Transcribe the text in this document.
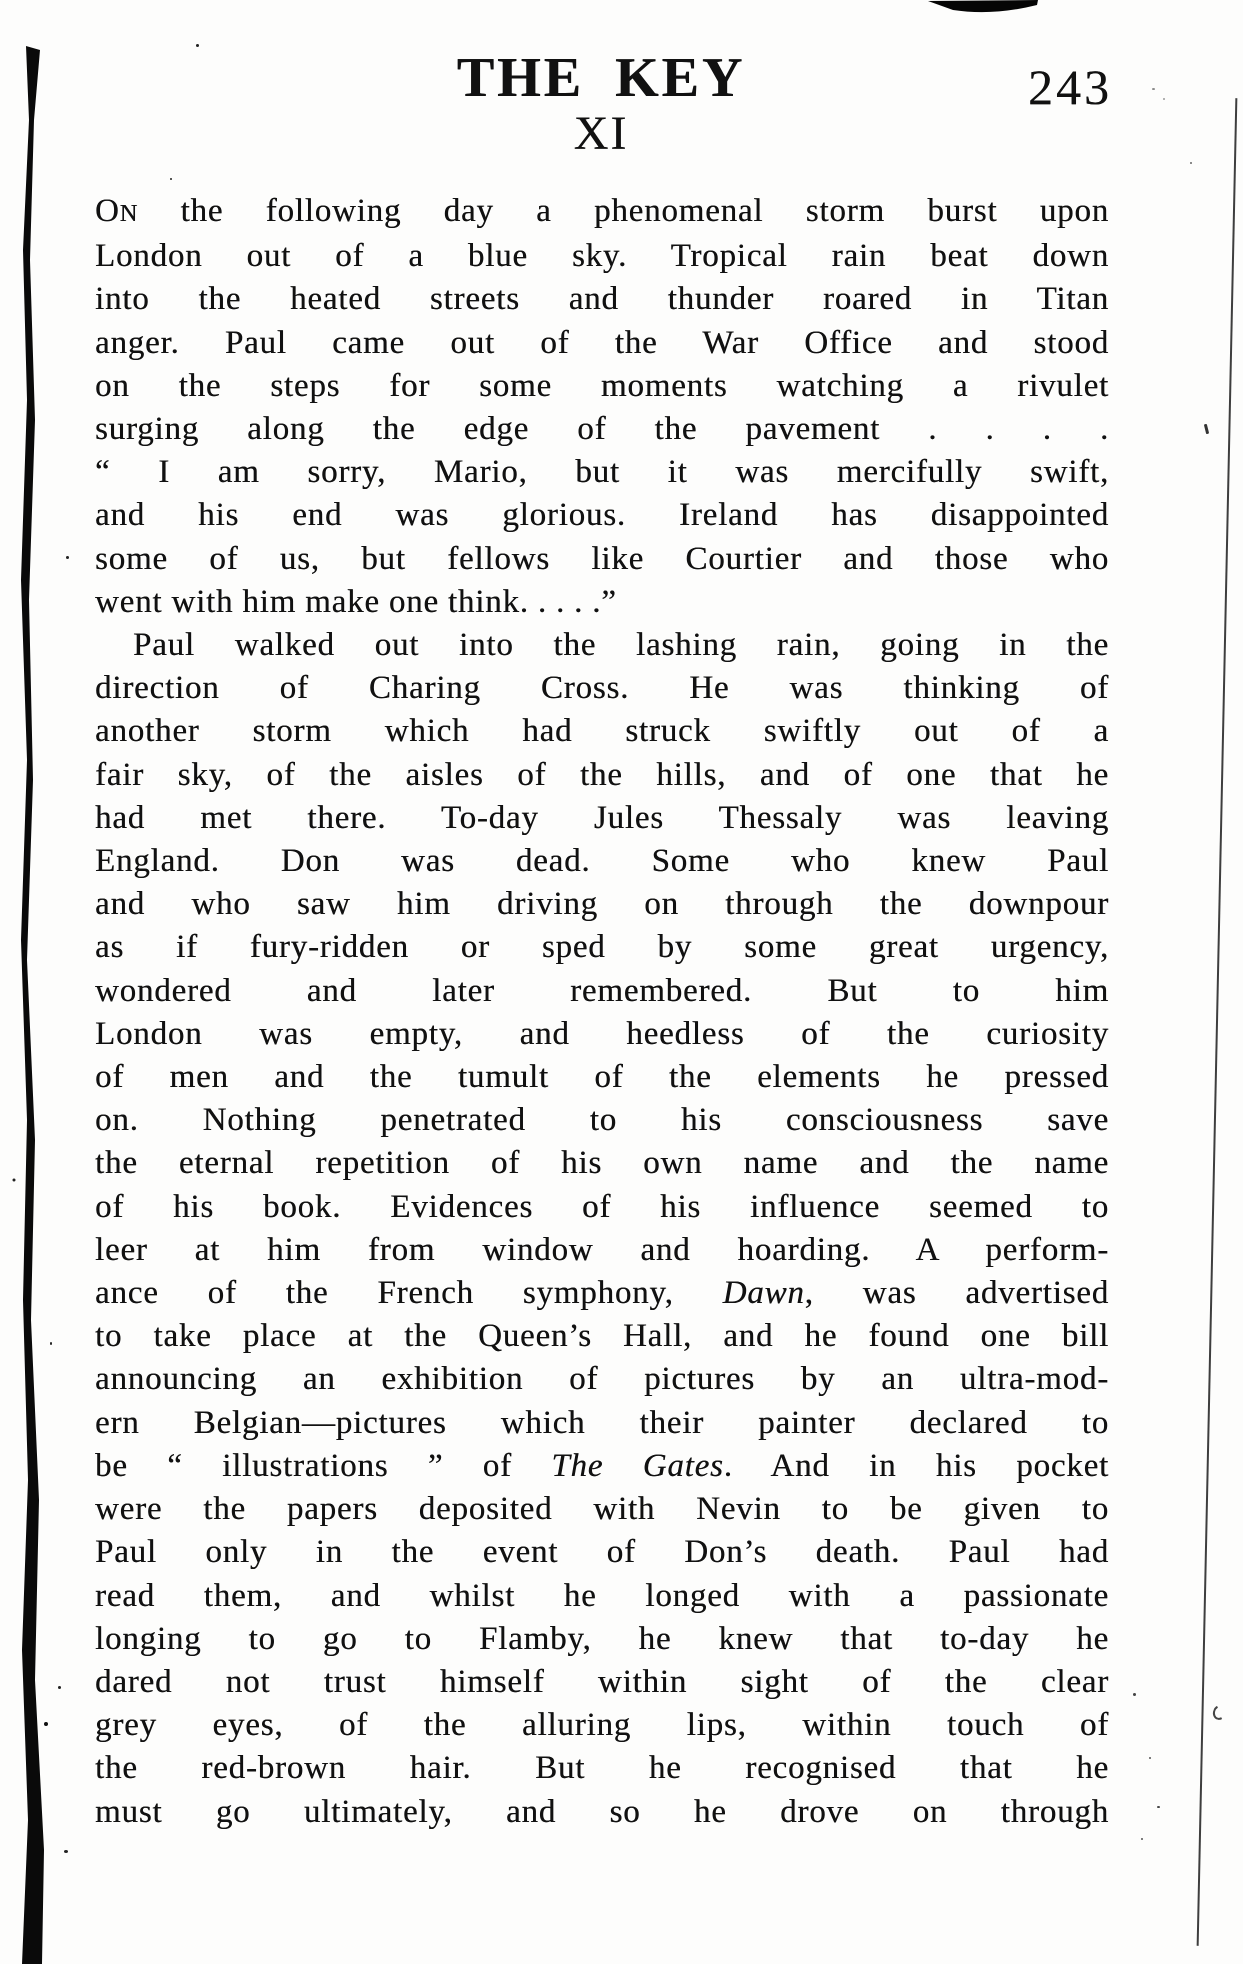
THE KEY	243
XI
ON the following day a phenomenal storm burst upon
London out of a blue sky. Tropical rain beat down
into the heated streets and thunder roared in Titan
anger. Paul came out of the War Office and stood
on the steps for some moments watching a rivulet
surging along the edge of the pavement . . . .
“ I am sorry, Mario, but it was mercifully swift,
and his end was glorious. Ireland has disappointed
some of us, but fellows like Courtier and those who
went with him make one think. . . . .”
Paul walked out into the lashing rain, going in the
direction of Charing Cross. He was thinking of
another storm which had struck swiftly out of a
fair sky, of the aisles of the hills, and of one that he
had met there. To-day Jules Thessaly was leaving
England. Don was dead. Some who knew Paul
and who saw him driving on through the downpour
as if fury-ridden or sped by some great urgency,
wondered and later remembered. But to him
London was empty, and heedless of the curiosity
of men and the tumult of the elements he pressed
on. Nothing penetrated to his consciousness save
the eternal repetition of his own name and the name
of his book. Evidences of his influence seemed to
leer at him from window and hoarding. A perform-
ance of the French symphony, Dawn, was advertised
to take place at the Queen’s Hall, and he found one bill
announcing an exhibition of pictures by an ultra-mod-
ern Belgian—pictures which their painter declared to
be “ illustrations ” of The Gates. And in his pocket
were the papers deposited with Nevin to be given to
Paul only in the event of Don’s death. Paul had
read them, and whilst he longed with a passionate
longing to go to Flamby, he knew that to-day he
dared not trust himself within sight of the clear
grey eyes, of the alluring lips, within touch of
the red-brown hair. But he recognised that he
must go ultimately, and so he drove on through
